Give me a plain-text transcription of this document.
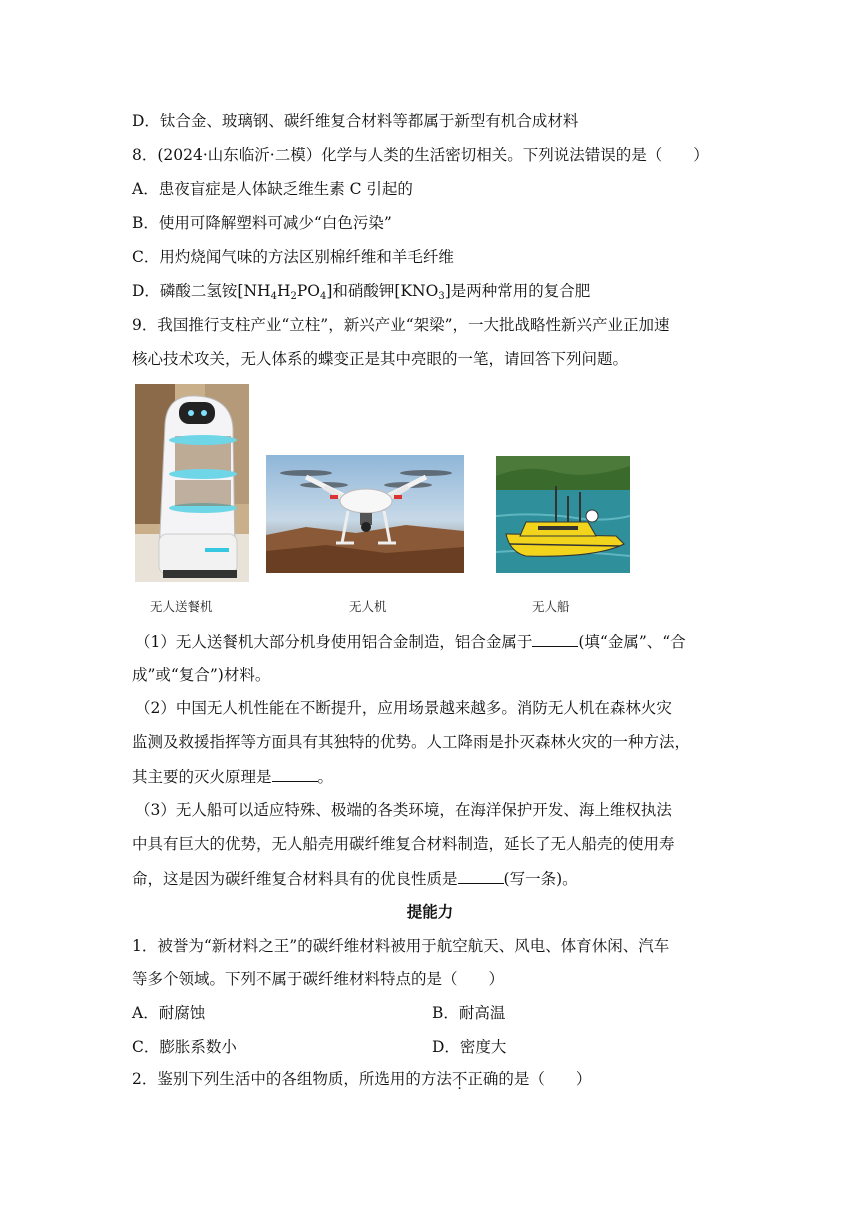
D．钛合金、玻璃钢、碳纤维复合材料等都属于新型有机合成材料
8．(2024·山东临沂·二模）化学与人类的生活密切相关。下列说法错误的是（　　）
A．患夜盲症是人体缺乏维生素 C 引起的
B．使用可降解塑料可减少“白色污染”
C．用灼烧闻气味的方法区别棉纤维和羊毛纤维
D．磷酸二氢铵$[NH_4H_2PO_4]$和硝酸钾$[KNO_3]$是两种常用的复合肥
9．我国推行支柱产业“立柱”，新兴产业“架梁”，一大批战略性新兴产业正加速
核心技术攻关，无人体系的蝶变正是其中亮眼的一笔，请回答下列问题。
无人送餐机	无人机	无人船
（1）无人送餐机大部分机身使用铝合金制造，铝合金属于	(填“金属”、“合
成”或“复合”)材料。
（2）中国无人机性能在不断提升，应用场景越来越多。消防无人机在森林火灾
监测及救援指挥等方面具有其独特的优势。人工降雨是扑灭森林火灾的一种方法，
其主要的灭火原理是	。
（3）无人船可以适应特殊、极端的各类环境，在海洋保护开发、海上维权执法
中具有巨大的优势，无人船壳用碳纤维复合材料制造，延长了无人船壳的使用寿
命，这是因为碳纤维复合材料具有的优良性质是	(写一条)。
提能力
1．被誉为“新材料之王”的碳纤维材料被用于航空航天、风电、体育休闲、汽车
等多个领域。下列不属于碳纤维材料特点的是（　　）
A．耐腐蚀	B．耐高温
C．膨胀系数小	D．密度大
2．鉴别下列生活中的各组物质，所选用的方法不正确的是（　　）
